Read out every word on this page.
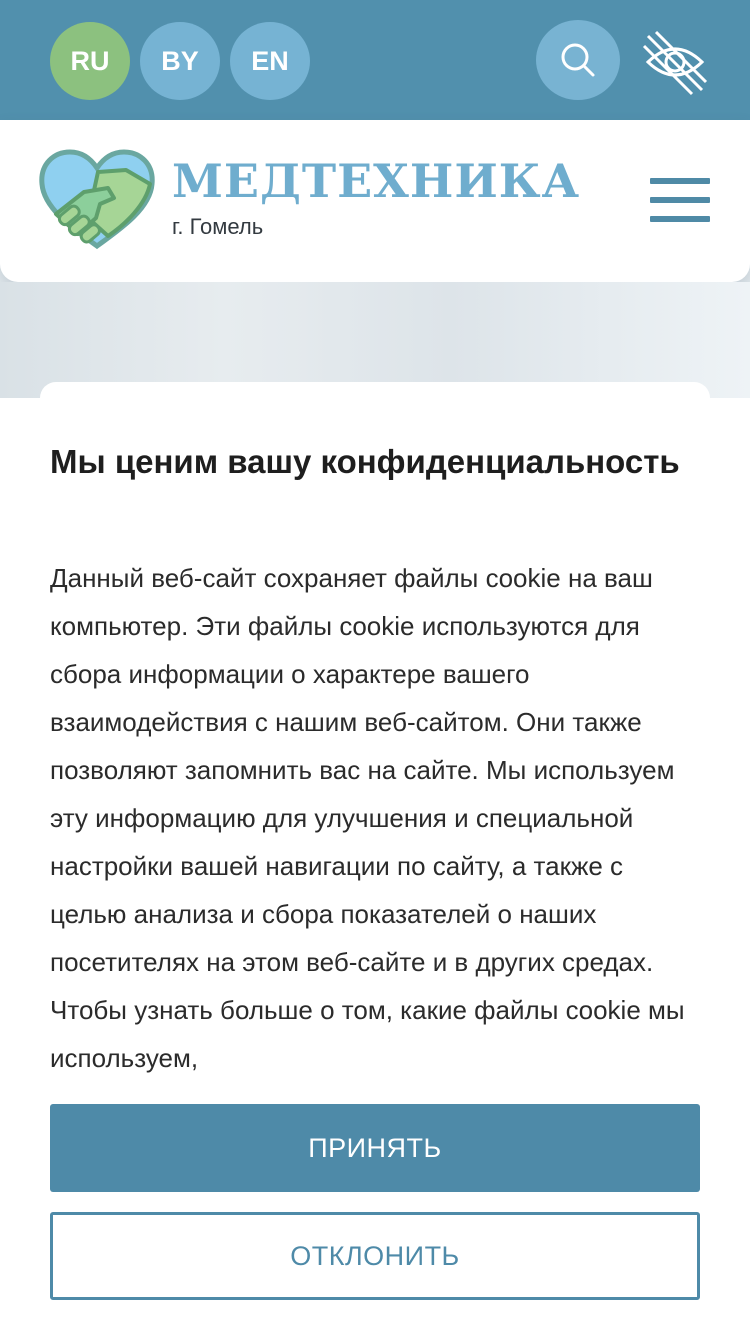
RU	BY	EN
МЕДТЕХНИКА
г. Гомель
Мы ценим вашу конфиденциальность

Данный веб-сайт сохраняет файлы cookie на ваш компьютер. Эти файлы cookie используются для сбора информации о характере вашего взаимодействия с нашим веб-сайтом. Они также позволяют запомнить вас на сайте. Мы используем эту информацию для улучшения и специальной настройки вашей навигации по сайту, а также с целью анализа и сбора показателей о наших посетителях на этом веб-сайте и в других средах. Чтобы узнать больше о том, какие файлы cookie мы используем,

ПРИНЯТЬ
ОТКЛОНИТЬ
